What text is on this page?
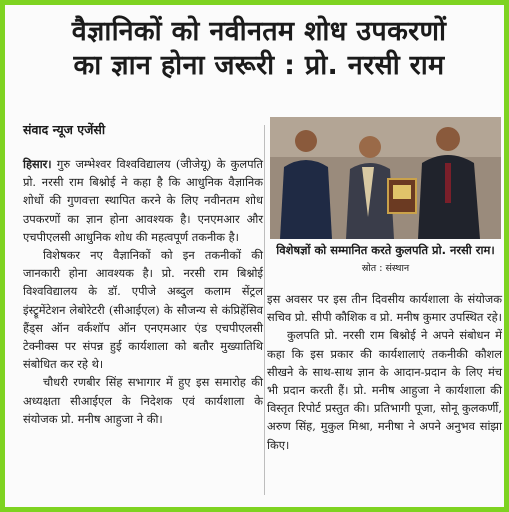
वैज्ञानिकों को नवीनतम शोध उपकरणों
का ज्ञान होना जरूरी : प्रो. नरसी राम
संवाद न्यूज एजेंसी

हिसार। गुरु जम्भेश्वर विश्वविद्यालय (जीजेयू) के कुलपति प्रो. नरसी राम बिश्नोई ने कहा है कि आधुनिक वैज्ञानिक शोधों की गुणवत्ता स्थापित करने के लिए नवीनतम शोध उपकरणों का ज्ञान होना आवश्यक है। एनएमआर और एचपीएलसी आधुनिक शोध की महत्वपूर्ण तकनीक है।

विशेषकर नए वैज्ञानिकों को इन तकनीकों की जानकारी होना आवश्यक है। प्रो. नरसी राम बिश्नोई विश्वविद्यालय के डॉ. एपीजे अब्दुल कलाम सेंट्रल इंस्ट्रूमेंटेशन लेबोरेटरी (सीआईएल) के सौजन्य से कंप्रिहेंसिव हैंड्स ऑन वर्कशॉप ऑन एनएमआर एंड एचपीएलसी टेक्नीक्स पर संपन्न हुई कार्यशाला को बतौर मुख्यातिथि संबोधित कर रहे थे।

चौधरी रणबीर सिंह सभागार में हुए इस समारोह की अध्यक्षता सीआईएल के निदेशक एवं कार्यशाला के संयोजक प्रो. मनीष आहुजा ने की।

विशेषज्ञों को सम्मानित करते कुलपति प्रो. नरसी राम। स्रोत : संस्थान

इस अवसर पर इस तीन दिवसीय कार्यशाला के संयोजक सचिव प्रो. सीपी कौशिक व प्रो. मनीष कुमार उपस्थित रहे।

कुलपति प्रो. नरसी राम बिश्नोई ने अपने संबोधन में कहा कि इस प्रकार की कार्यशालाएं तकनीकी कौशल सीखने के साथ-साथ ज्ञान के आदान-प्रदान के लिए मंच भी प्रदान करती हैं। प्रो. मनीष आहुजा ने कार्यशाला की विस्तृत रिपोर्ट प्रस्तुत की। प्रतिभागी पूजा, सोनू कुलकर्णी, अरुण सिंह, मुकुल मिश्रा, मनीषा ने अपने अनुभव सांझा किए।
